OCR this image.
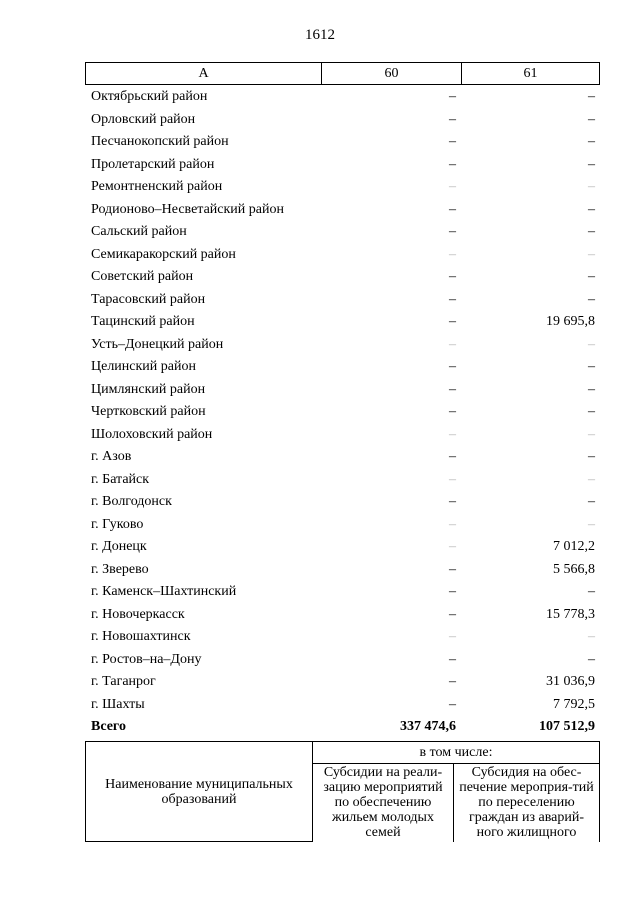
1612
А	60	61
Октябрьский район	–	–
Орловский район	–	–
Песчанокопский район	–	–
Пролетарский район	–	–
Ремонтненский район	–	–
Родионово–Несветайский район	–	–
Сальский район	–	–
Семикаракорский район	–	–
Советский район	–	–
Тарасовский район	–	–
Тацинский район	–	19 695,8
Усть–Донецкий район	–	–
Целинский район	–	–
Цимлянский район	–	–
Чертковский район	–	–
Шолоховский район	–	–
г. Азов	–	–
г. Батайск	–	–
г. Волгодонск	–	–
г. Гуково	–	–
г. Донецк	–	7 012,2
г. Зверево	–	5 566,8
г. Каменск–Шахтинский	–	–
г. Новочеркасск	–	15 778,3
г. Новошахтинск	–	–
г. Ростов–на–Дону	–	–
г. Таганрог	–	31 036,9
г. Шахты	–	7 792,5
Всего	337 474,6	107 512,9
Наименование муниципальных образований	в том числе:	
	Субсидии на реали-зацию мероприятий по обеспечению жильем молодых семей	Субсидия на обес-печение мероприя-тий по переселению граждан из аварий-ного жилищного
